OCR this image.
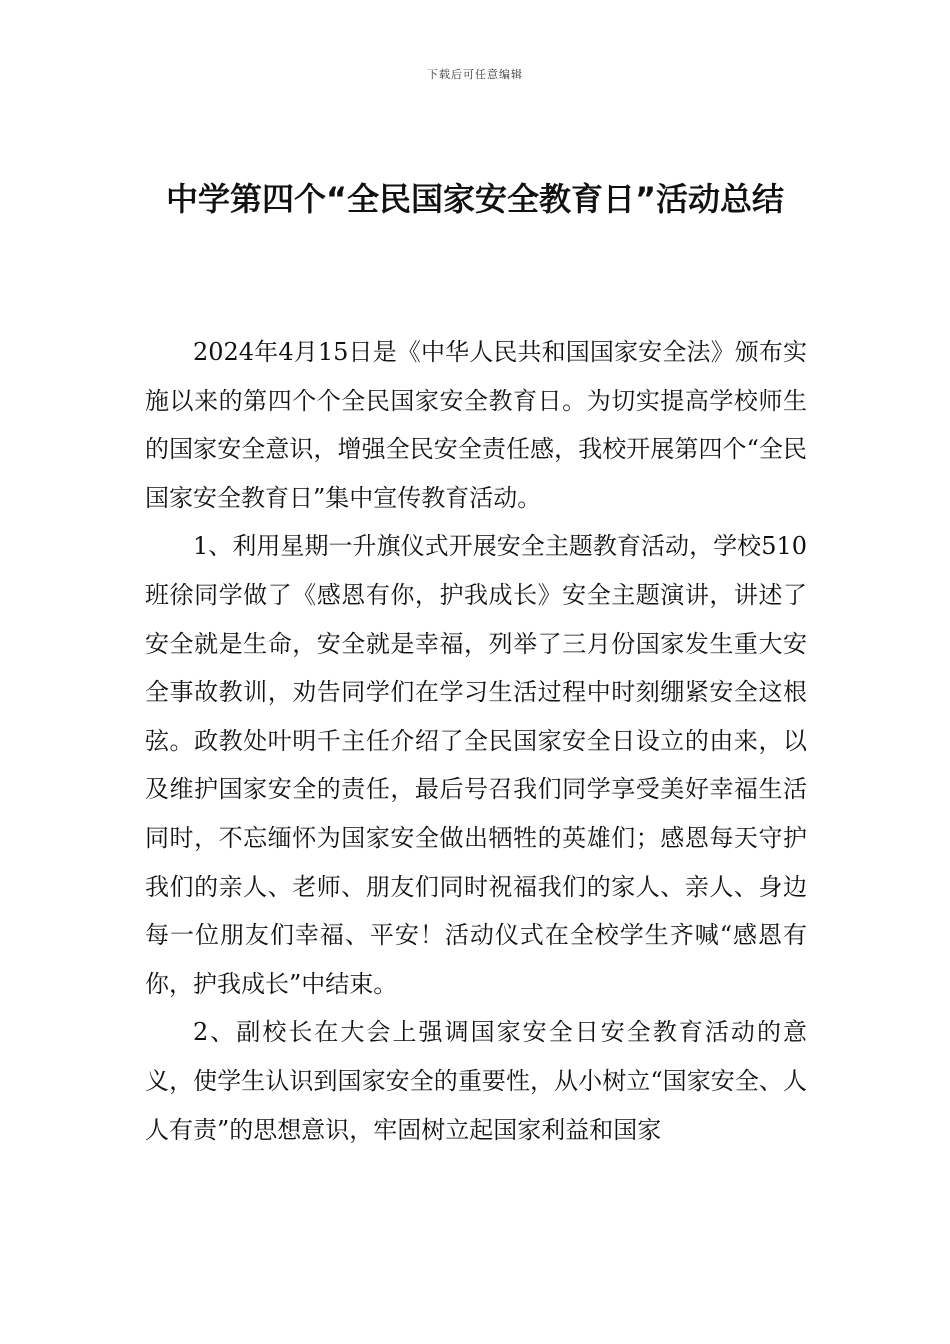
下载后可任意编辑
中学第四个“全民国家安全教育日”活动总结

2024年4月15日是《中华人民共和国国家安全法》颁布实施以来的第四个个全民国家安全教育日。为切实提高学校师生的国家安全意识，增强全民安全责任感，我校开展第四个“全民国家安全教育日”集中宣传教育活动。

1、利用星期一升旗仪式开展安全主题教育活动，学校510班徐同学做了《感恩有你，护我成长》安全主题演讲，讲述了安全就是生命，安全就是幸福，列举了三月份国家发生重大安全事故教训，劝告同学们在学习生活过程中时刻绷紧安全这根弦。政教处叶明千主任介绍了全民国家安全日设立的由来，以及维护国家安全的责任，最后号召我们同学享受美好幸福生活同时，不忘缅怀为国家安全做出牺牲的英雄们；感恩每天守护我们的亲人、老师、朋友们同时祝福我们的家人、亲人、身边每一位朋友们幸福、平安！活动仪式在全校学生齐喊“感恩有你，护我成长”中结束。

2、副校长在大会上强调国家安全日安全教育活动的意义，使学生认识到国家安全的重要性，从小树立“国家安全、人人有责”的思想意识，牢固树立起国家利益和国家
